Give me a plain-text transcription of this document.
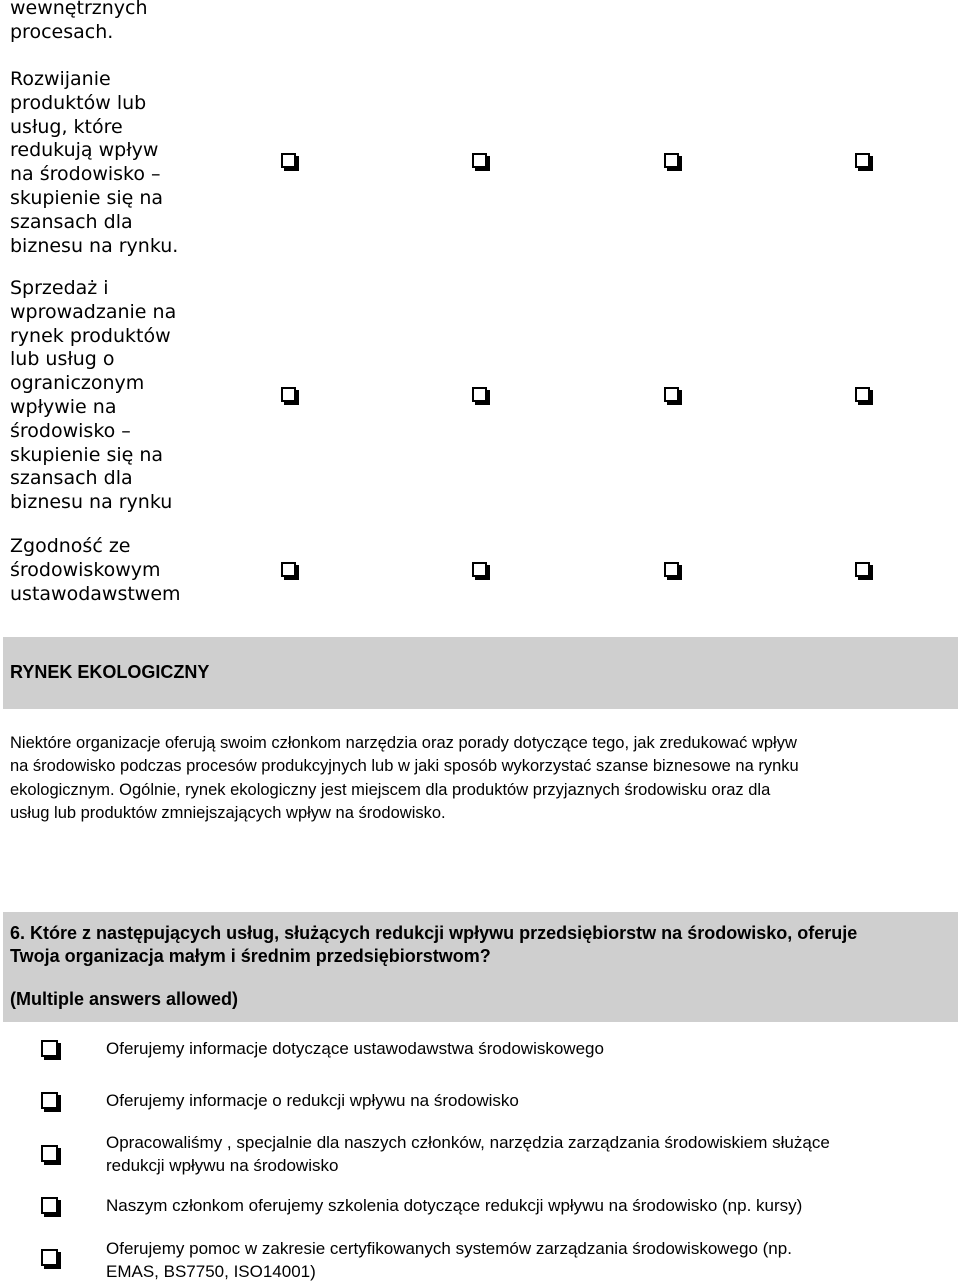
wewnętrznych
procesach.
Rozwijanie
produktów lub
usług, które
redukują wpływ
na środowisko –
skupienie się na
szansach dla
biznesu na rynku.
Sprzedaż i
wprowadzanie na
rynek produktów
lub usług o
ograniczonym
wpływie na
środowisko –
skupienie się na
szansach dla
biznesu na rynku
Zgodność ze
środowiskowym
ustawodawstwem
RYNEK EKOLOGICZNY
Niektóre organizacje oferują swoim członkom narzędzia oraz porady dotyczące tego, jak zredukować wpływ
na środowisko podczas procesów produkcyjnych lub w jaki sposób wykorzystać szanse biznesowe na rynku
ekologicznym. Ogólnie, rynek ekologiczny jest miejscem dla produktów przyjaznych środowisku oraz dla
usług lub produktów zmniejszających wpływ na środowisko.
6. Które z następujących usług, służących redukcji wpływu przedsiębiorstw na środowisko, oferuje
Twoja organizacja małym i średnim przedsiębiorstwom?
(Multiple answers allowed)
Oferujemy informacje dotyczące ustawodawstwa środowiskowego
Oferujemy informacje o redukcji wpływu na środowisko
Opracowaliśmy , specjalnie dla naszych członków, narzędzia zarządzania środowiskiem służące
redukcji wpływu na środowisko
Naszym członkom oferujemy szkolenia dotyczące redukcji wpływu na środowisko (np. kursy)
Oferujemy pomoc w zakresie certyfikowanych systemów zarządzania środowiskowego (np.
EMAS, BS7750, ISO14001)
